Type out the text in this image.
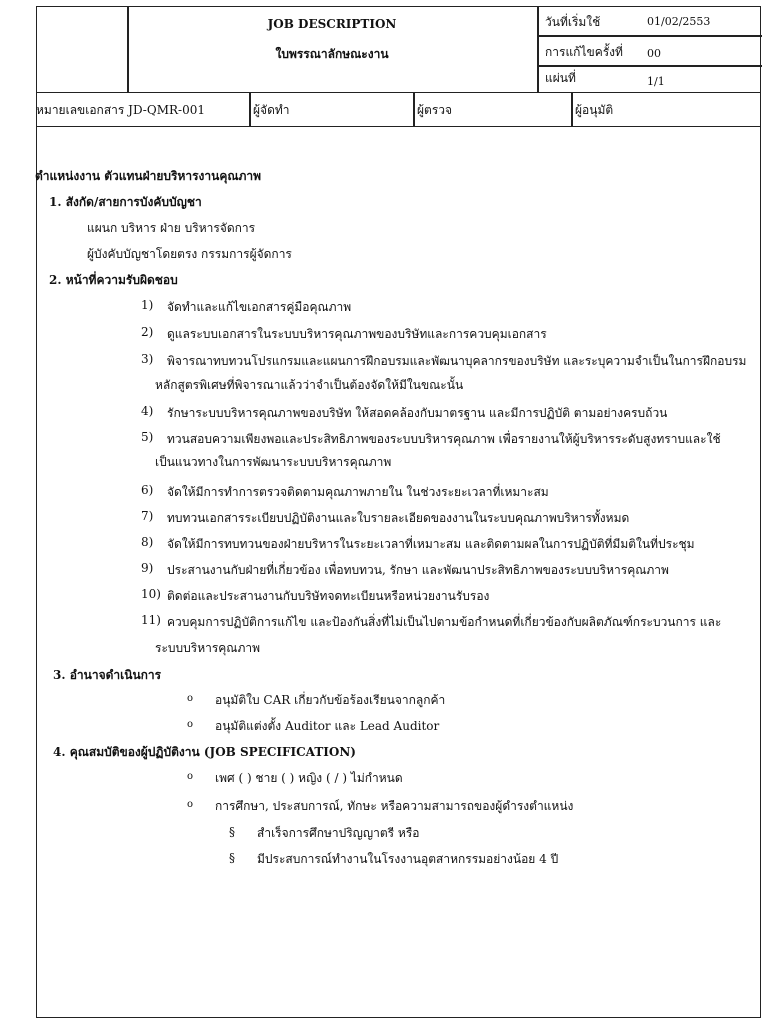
JOB DESCRIPTION
ใบพรรณาลักษณะงาน
วันที่เริ่มใช้	01/02/2553
การแก้ไขครั้งที่ 00
แผ่นที่	1/1
หมายเลขเอกสาร JD-QMR-001	ผู้จัดทำ	ผู้ตรวจ	ผู้อนุมัติ
ตำแหน่งงาน ตัวแทนฝ่ายบริหารงานคุณภาพ
1. สังกัด/สายการบังคับบัญชา
แผนก บริหาร ฝ่าย บริหารจัดการ
ผู้บังคับบัญชาโดยตรง กรรมการผู้จัดการ
2. หน้าที่ความรับผิดชอบ
1)	จัดทำและแก้ไขเอกสารคู่มือคุณภาพ
2)	ดูแลระบบเอกสารในระบบบริหารคุณภาพของบริษัทและการควบคุมเอกสาร
3)	พิจารณาทบทวนโปรแกรมและแผนการฝึกอบรมและพัฒนาบุคลากรของบริษัท และระบุความจำเป็นในการฝึกอบรม
หลักสูตรพิเศษที่พิจารณาแล้วว่าจำเป็นต้องจัดให้มีในขณะนั้น
4)	รักษาระบบบริหารคุณภาพของบริษัท ให้สอดคล้องกับมาตรฐาน และมีการปฏิบัติ ตามอย่างครบถ้วน
5)	ทวนสอบความเพียงพอและประสิทธิภาพของระบบบริหารคุณภาพ เพื่อรายงานให้ผู้บริหารระดับสูงทราบและใช้
เป็นแนวทางในการพัฒนาระบบบริหารคุณภาพ
6)	จัดให้มีการทำการตรวจติดตามคุณภาพภายใน ในช่วงระยะเวลาที่เหมาะสม
7)	ทบทวนเอกสารระเบียบปฏิบัติงานและใบรายละเอียดของงานในระบบคุณภาพบริหารทั้งหมด
8)	จัดให้มีการทบทวนของฝ่ายบริหารในระยะเวลาที่เหมาะสม และติดตามผลในการปฏิบัติที่มีมติในที่ประชุม
9)	ประสานงานกับฝ่ายที่เกี่ยวข้อง เพื่อทบทวน, รักษา และพัฒนาประสิทธิภาพของระบบบริหารคุณภาพ
10) ติดต่อและประสานงานกับบริษัทจดทะเบียนหรือหน่วยงานรับรอง
11) ควบคุมการปฏิบัติการแก้ไข และป้องกันสิ่งที่ไม่เป็นไปตามข้อกำหนดที่เกี่ยวข้องกับผลิตภัณฑ์กระบวนการ และ
ระบบบริหารคุณภาพ
3. อำนาจดำเนินการ
o อนุมัติใบ CAR เกี่ยวกับข้อร้องเรียนจากลูกค้า
o อนุมัติแต่งตั้ง Auditor และ Lead Auditor
4. คุณสมบัติของผู้ปฏิบัติงาน (JOB SPECIFICATION)
o เพศ ( ) ชาย ( ) หญิง ( / ) ไม่กำหนด
o การศึกษา, ประสบการณ์, ทักษะ หรือความสามารถของผู้ดำรงตำแหน่ง
§ สำเร็จการศึกษาปริญญาตรี หรือ
§ มีประสบการณ์ทำงานในโรงงานอุตสาหกรรมอย่างน้อย 4 ปี
